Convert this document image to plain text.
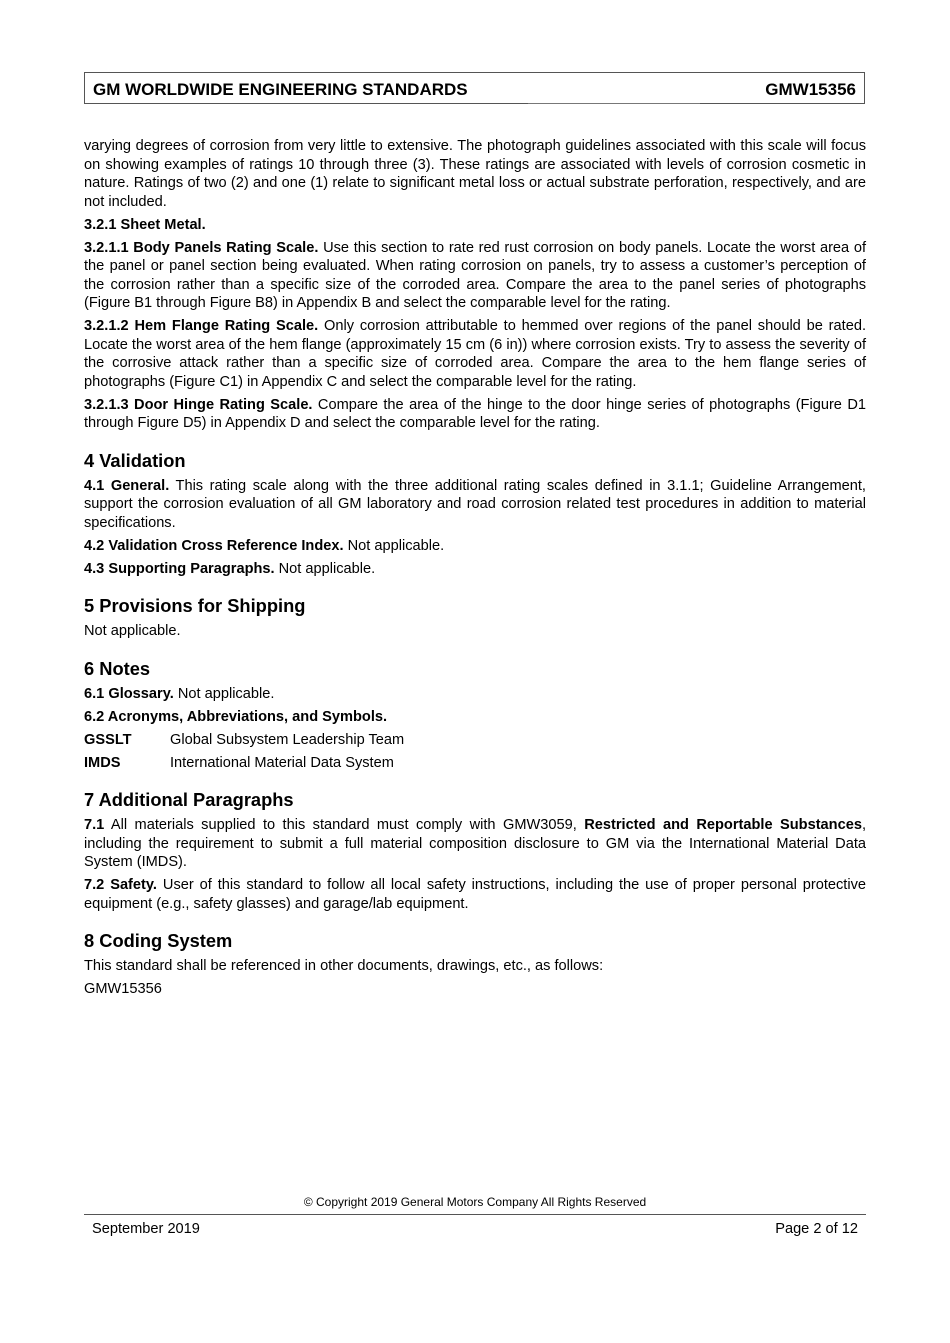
GM WORLDWIDE ENGINEERING STANDARDS	GMW15356

varying degrees of corrosion from very little to extensive. The photograph guidelines associated with this scale will focus on showing examples of ratings 10 through three (3). These ratings are associated with levels of corrosion cosmetic in nature. Ratings of two (2) and one (1) relate to significant metal loss or actual substrate perforation, respectively, and are not included.

3.2.1 Sheet Metal.

3.2.1.1 Body Panels Rating Scale. Use this section to rate red rust corrosion on body panels. Locate the worst area of the panel or panel section being evaluated. When rating corrosion on panels, try to assess a customer’s perception of the corrosion rather than a specific size of the corroded area. Compare the area to the panel series of photographs (Figure B1 through Figure B8) in Appendix B and select the comparable level for the rating.

3.2.1.2 Hem Flange Rating Scale. Only corrosion attributable to hemmed over regions of the panel should be rated. Locate the worst area of the hem flange (approximately 15 cm (6 in)) where corrosion exists. Try to assess the severity of the corrosive attack rather than a specific size of corroded area. Compare the area to the hem flange series of photographs (Figure C1) in Appendix C and select the comparable level for the rating.

3.2.1.3 Door Hinge Rating Scale. Compare the area of the hinge to the door hinge series of photographs (Figure D1 through Figure D5) in Appendix D and select the comparable level for the rating.

4 Validation

4.1 General. This rating scale along with the three additional rating scales defined in 3.1.1; Guideline Arrangement, support the corrosion evaluation of all GM laboratory and road corrosion related test procedures in addition to material specifications.

4.2 Validation Cross Reference Index. Not applicable.

4.3 Supporting Paragraphs. Not applicable.

5 Provisions for Shipping

Not applicable.

6 Notes

6.1 Glossary. Not applicable.

6.2 Acronyms, Abbreviations, and Symbols.

GSSLT	Global Subsystem Leadership Team
IMDS	International Material Data System
7 Additional Paragraphs

7.1 All materials supplied to this standard must comply with GMW3059, Restricted and Reportable Substances, including the requirement to submit a full material composition disclosure to GM via the International Material Data System (IMDS).

7.2 Safety. User of this standard to follow all local safety instructions, including the use of proper personal protective equipment (e.g., safety glasses) and garage/lab equipment.

8 Coding System

This standard shall be referenced in other documents, drawings, etc., as follows:

GMW15356

© Copyright 2019 General Motors Company All Rights Reserved
September 2019	Page 2 of 12
